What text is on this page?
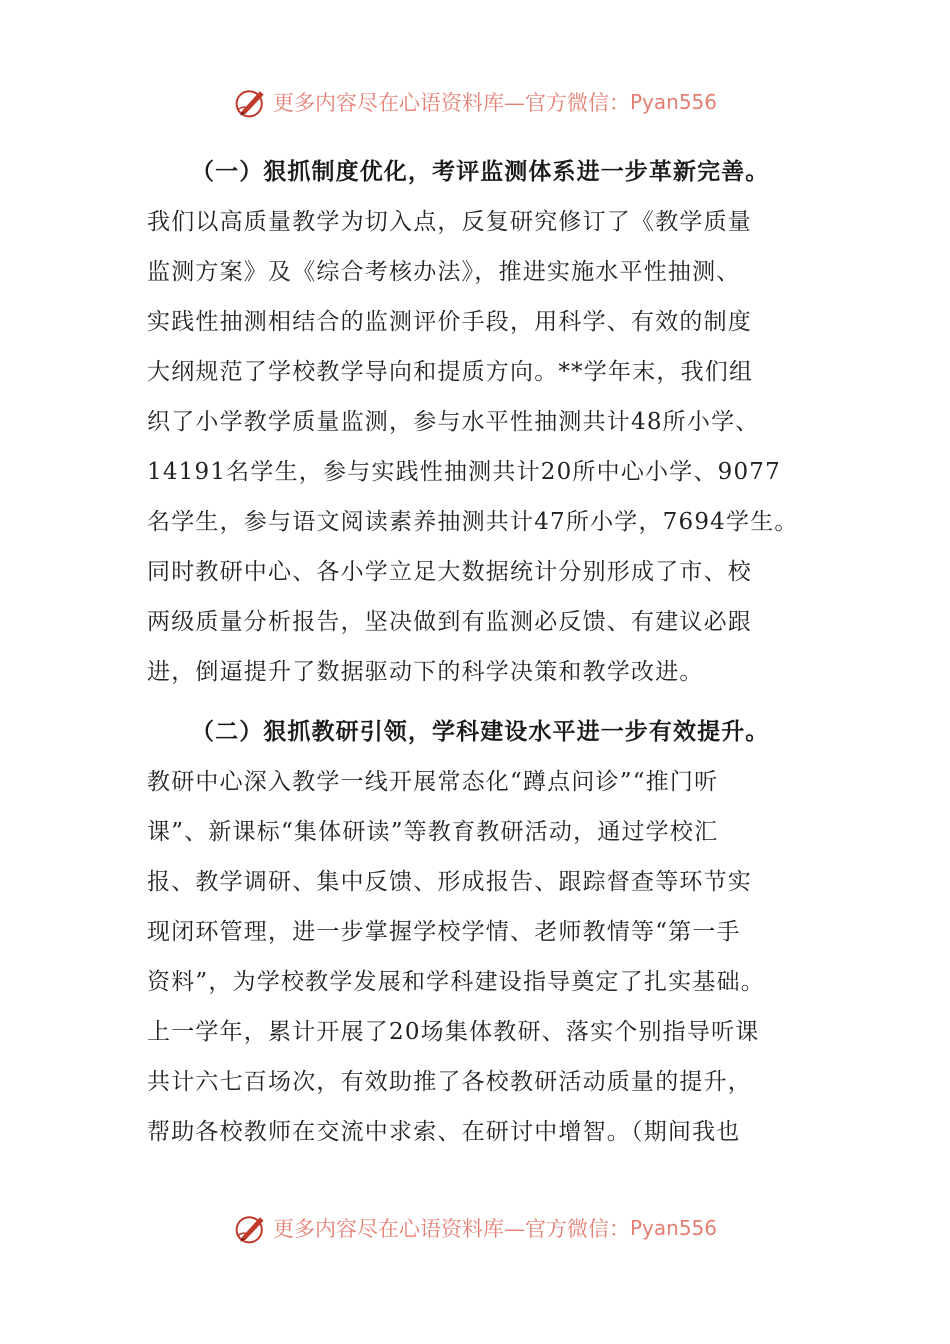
更多内容尽在心语资料库—官方微信： Pyan556
（一）狠抓制度优化，考评监测体系进一步革新完善。
我们以高质量教学为切入点，反复研究修订了《教学质量
监测方案》及《综合考核办法》，推进实施水平性抽测、
实践性抽测相结合的监测评价手段，用科学、有效的制度
大纲规范了学校教学导向和提质方向。**学年末，我们组
织了小学教学质量监测，参与水平性抽测共计48所小学、
14191名学生，参与实践性抽测共计20所中心小学、9077
名学生，参与语文阅读素养抽测共计47所小学，7694学生。
同时教研中心、各小学立足大数据统计分别形成了市、校
两级质量分析报告，坚决做到有监测必反馈、有建议必跟
进，倒逼提升了数据驱动下的科学决策和教学改进。
（二）狠抓教研引领，学科建设水平进一步有效提升。
教研中心深入教学一线开展常态化“蹲点问诊”“推门听
课”、新课标“集体研读”等教育教研活动，通过学校汇
报、教学调研、集中反馈、形成报告、跟踪督查等环节实
现闭环管理，进一步掌握学校学情、老师教情等“第一手
资料”，为学校教学发展和学科建设指导奠定了扎实基础。
上一学年，累计开展了20场集体教研、落实个别指导听课
共计六七百场次，有效助推了各校教研活动质量的提升，
帮助各校教师在交流中求索、在研讨中增智。（期间我也
更多内容尽在心语资料库—官方微信： Pyan556
